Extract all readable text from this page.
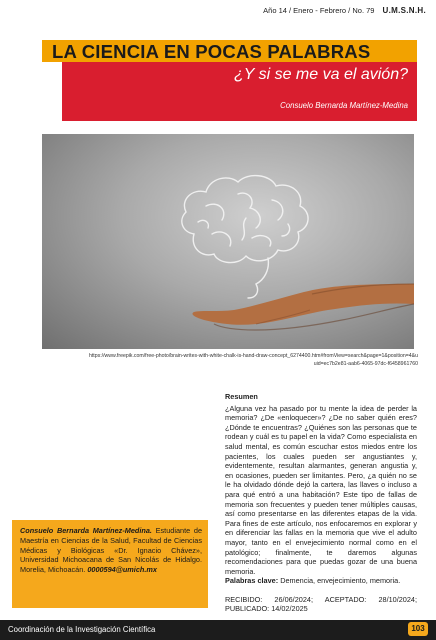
Año 14 / Enero - Febrero / No. 79 U.M.S.N.H.
LA CIENCIA EN POCAS PALABRAS
¿Y si se me va el avión?
Consuelo Bernarda Martínez-Medina
https://www.freepik.com/free-photo/brain-writes-with-white-chalk-is-hand-draw-concept_6274400.htm#fromView=search&page=1&position=4&uuid=ec7b2e81-aab6-4065-97dc-f6458961760
Resumen

¿Alguna vez ha pasado por tu mente la idea de perder la memoria? ¿De «enloquecer»? ¿De no saber quién eres? ¿Dónde te encuentras? ¿Quiénes son las personas que te rodean y cuál es tu papel en la vida? Como especialista en salud mental, es común escuchar estos miedos entre los pacientes, los cuales pueden ser angustiantes y, evidentemente, resultan alarmantes, generan angustia y, en ocasiones, pueden ser limitantes. Pero, ¿a quién no se le ha olvidado dónde dejó la cartera, las llaves o incluso a para qué entró a una habitación? Este tipo de fallas de memoria son frecuentes y pueden tener múltiples causas, así como presentarse en las diferentes etapas de la vida. Para fines de este artículo, nos enfocaremos en explorar y en diferenciar las fallas en la memoria que vive el adulto mayor, tanto en el envejecimiento normal como en el patológico; finalmente, te daremos algunas recomendaciones para que puedas gozar de una buena memoria.

Palabras clave: Demencia, envejecimiento, memoria.

RECIBIDO: 26/06/2024; ACEPTADO: 28/10/2024; PUBLICADO: 14/02/2025

Consuelo Bernarda Martínez-Medina. Estudiante de Maestría en Ciencias de la Salud, Facultad de Ciencias Médicas y Biológicas «Dr. Ignacio Chávez», Universidad Michoacana de San Nicolás de Hidalgo. Morelia, Michoacán. 0000594@umich.mx

Coordinación de la Investigación Científica	103
